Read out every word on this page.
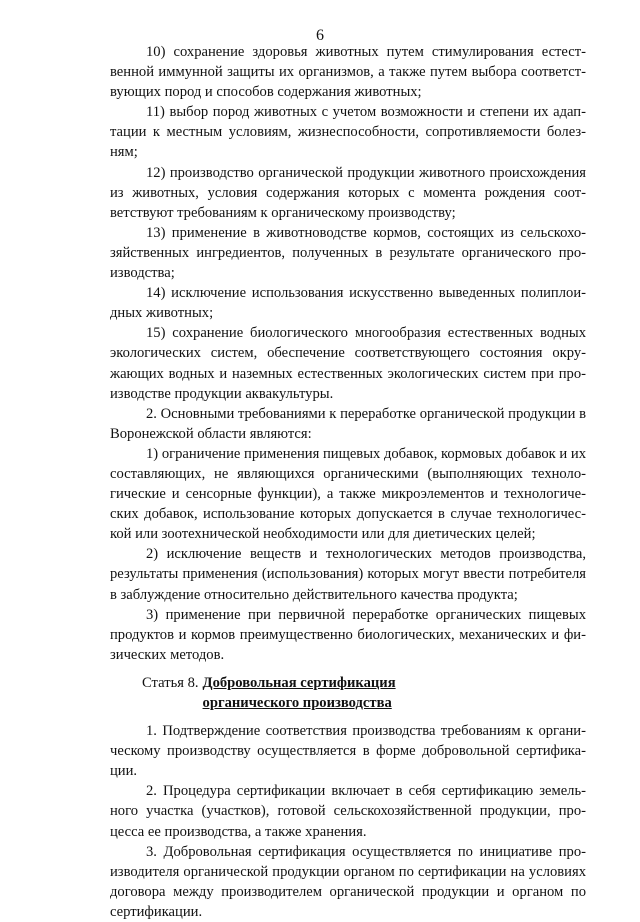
6

10) сохранение здоровья животных путем стимулирования естественной иммунной защиты их организмов, а также путем выбора соответствующих пород и способов содержания животных;

11) выбор пород животных с учетом возможности и степени их адаптации к местным условиям, жизнеспособности, сопротивляемости болезням;

12) производство органической продукции животного происхождения из животных, условия содержания которых с момента рождения соответствуют требованиям к органическому производству;

13) применение в животноводстве кормов, состоящих из сельскохозяйственных ингредиентов, полученных в результате органического производства;

14) исключение использования искусственно выведенных полиплоидных животных;

15) сохранение биологического многообразия естественных водных экологических систем, обеспечение соответствующего состояния окружающих водных и наземных естественных экологических систем при производстве продукции аквакультуры.

2. Основными требованиями к переработке органической продукции в Воронежской области являются:

1) ограничение применения пищевых добавок, кормовых добавок и их составляющих, не являющихся органическими (выполняющих технологические и сенсорные функции), а также микроэлементов и технологических добавок, использование которых допускается в случае технологической или зоотехнической необходимости или для диетических целей;

2) исключение веществ и технологических методов производства, результаты применения (использования) которых могут ввести потребителя в заблуждение относительно действительного качества продукта;

3) применение при первичной переработке органических пищевых продуктов и кормов преимущественно биологических, механических и физических методов.

Статья 8. Добровольная сертификация органического производства

1. Подтверждение соответствия производства требованиям к органическому производству осуществляется в форме добровольной сертификации.

2. Процедура сертификации включает в себя сертификацию земельного участка (участков), готовой сельскохозяйственной продукции, процесса ее производства, а также хранения.

3. Добровольная сертификация осуществляется по инициативе производителя органической продукции органом по сертификации на условиях договора между производителем органической продукции и органом по сертификации.
